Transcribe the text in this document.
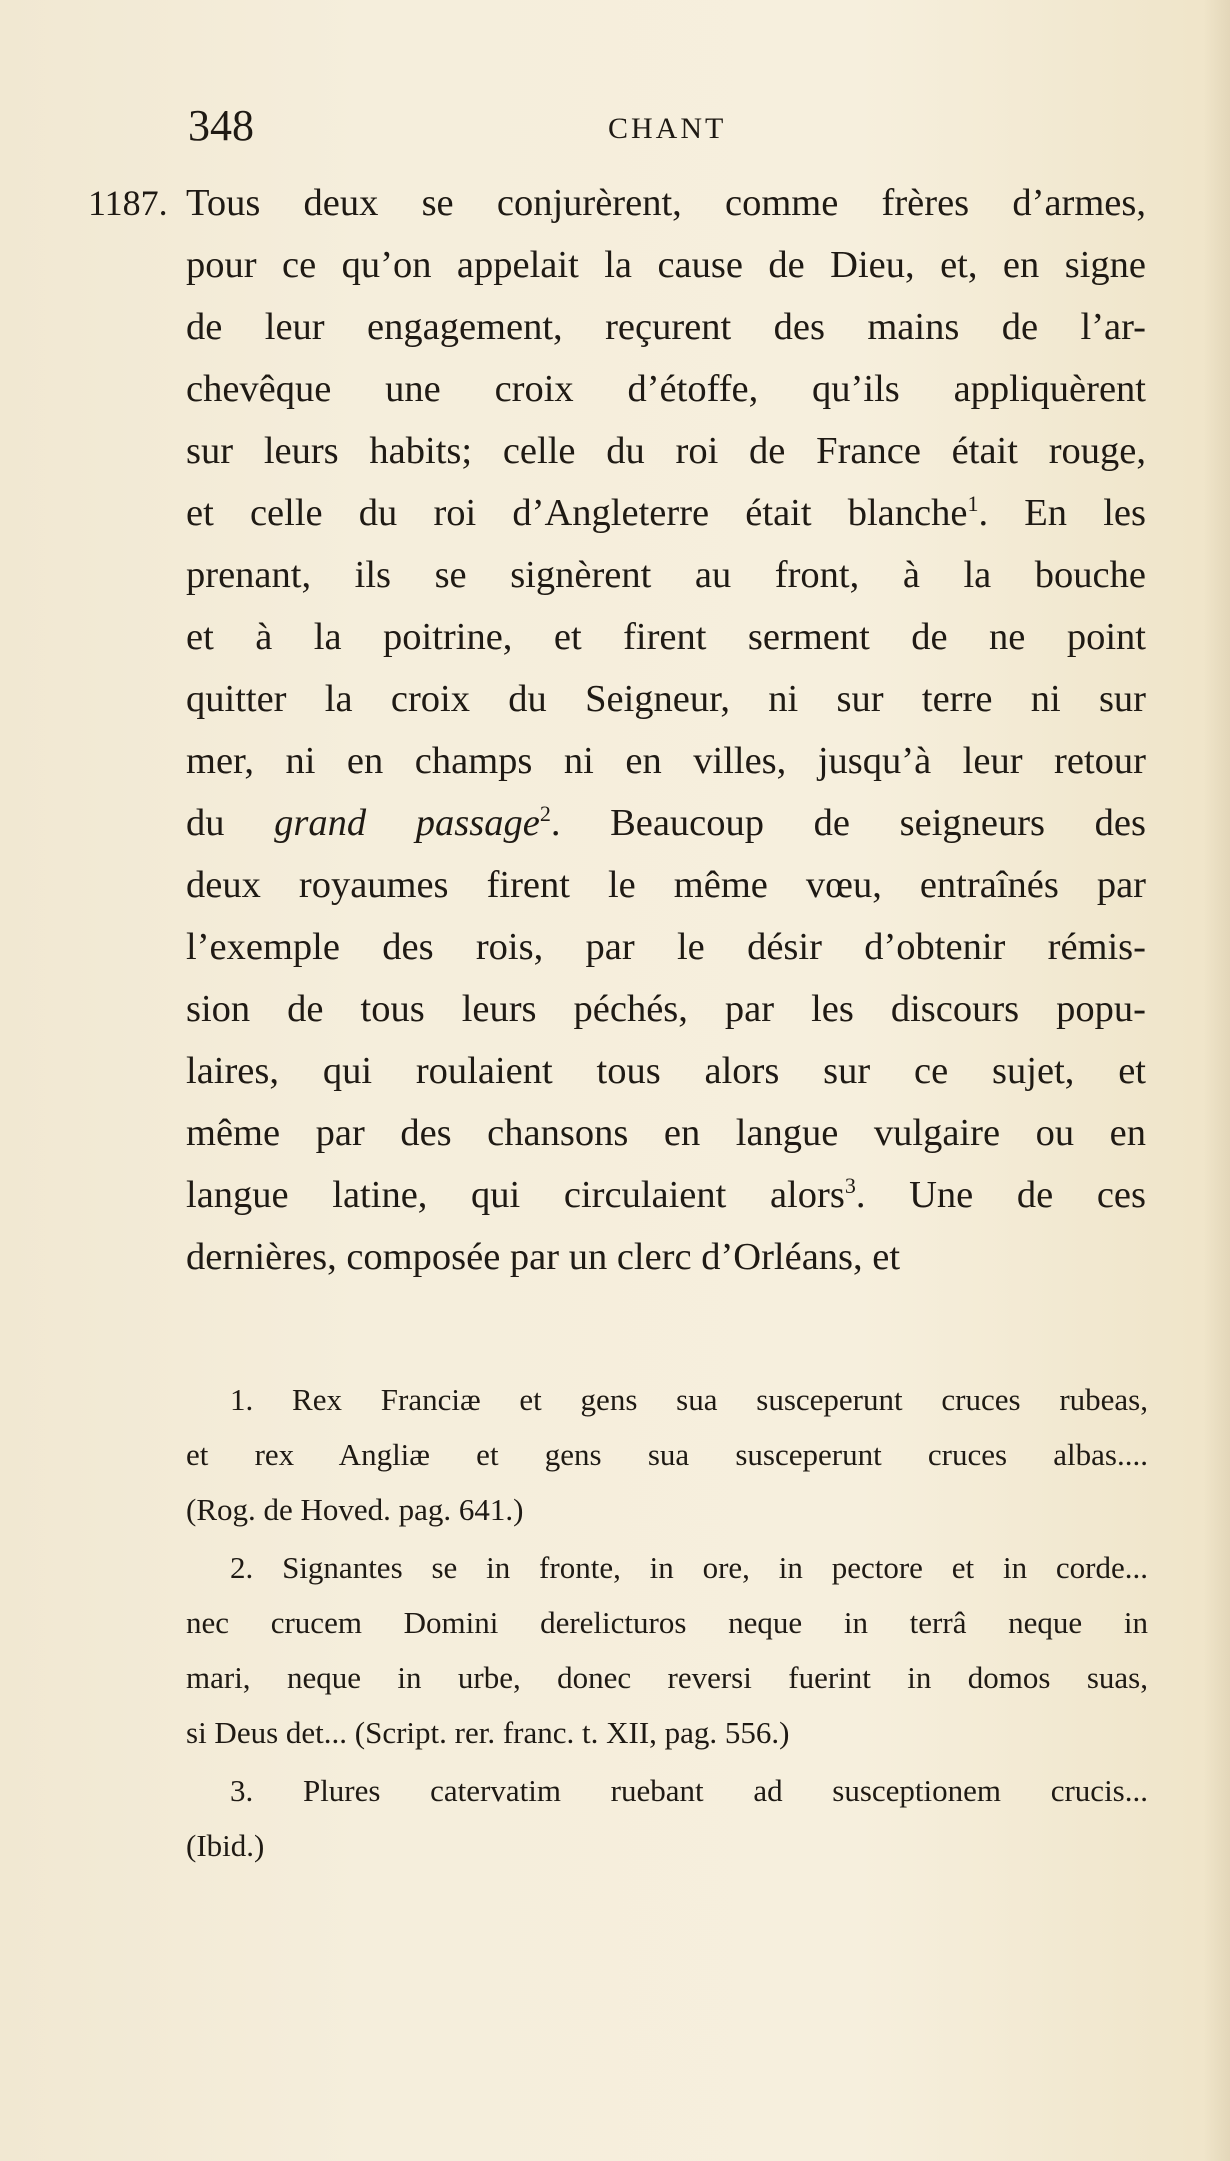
348	CHANT
1187. Tous deux se conjurèrent, comme frères d’armes,
pour ce qu’on appelait la cause de Dieu, et, en signe
de leur engagement, reçurent des mains de l’ar-
chevêque une croix d’étoffe, qu’ils appliquèrent
sur leurs habits; celle du roi de France était rouge,
et celle du roi d’Angleterre était blanche$^1$. En les
prenant, ils se signèrent au front, à la bouche
et à la poitrine, et firent serment de ne point
quitter la croix du Seigneur, ni sur terre ni sur
mer, ni en champs ni en villes, jusqu’à leur retour
du grand passage$^2$. Beaucoup de seigneurs des
deux royaumes firent le même vœu, entraînés par
l’exemple des rois, par le désir d’obtenir rémis-
sion de tous leurs péchés, par les discours popu-
laires, qui roulaient tous alors sur ce sujet, et
même par des chansons en langue vulgaire ou en
langue latine, qui circulaient alors$^3$. Une de ces
dernières, composée par un clerc d’Orléans, et
1. Rex Franciæ et gens sua susceperunt cruces rubeas,
et rex Angliæ et gens sua susceperunt cruces albas....
(Rog. de Hoved. pag. 641.)
2. Signantes se in fronte, in ore, in pectore et in corde...
nec crucem Domini derelicturos neque in terrâ neque in
mari, neque in urbe, donec reversi fuerint in domos suas,
si Deus det... (Script. rer. franc. t. XII, pag. 556.)
3. Plures catervatim ruebant ad susceptionem crucis...
(Ibid.)
